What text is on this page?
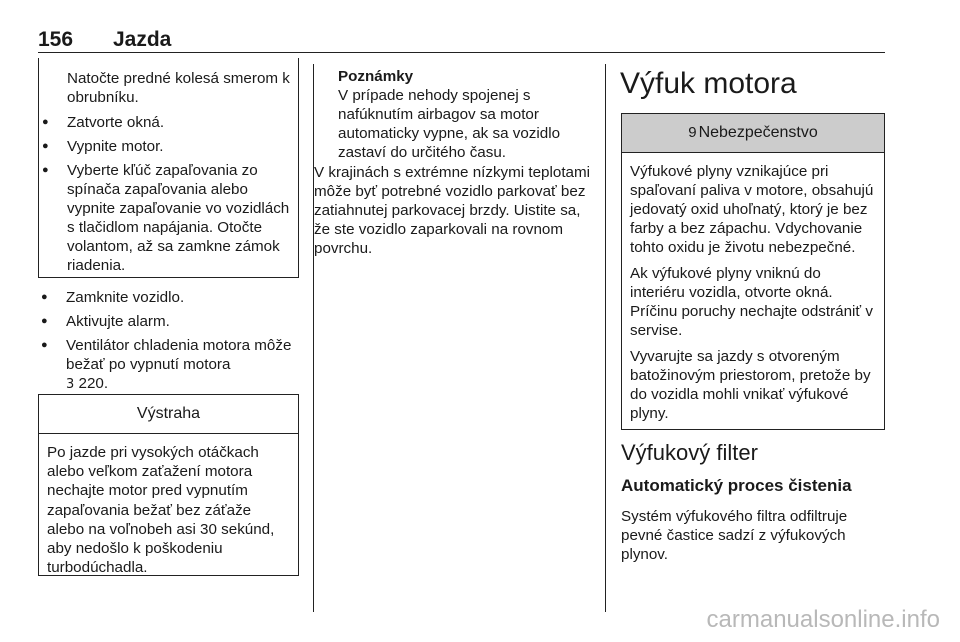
156	Jazda

Natočte predné kolesá smerom k obrubníku.

● Zatvorte okná.

● Vypnite motor.

● Vyberte kľúč zapaľovania zo spínača zapaľovania alebo vypnite zapaľovanie vo vozidlách s tlačidlom napájania. Otočte volantom, až sa zamkne zámok riadenia.

● Zamknite vozidlo.

● Aktivujte alarm.

● Ventilátor chladenia motora môže bežať po vypnutí motora

3 220.

Výstraha

Po jazde pri vysokých otáčkach alebo veľkom zaťažení motora nechajte motor pred vypnutím zapaľovania bežať bez záťaže alebo na voľnobeh asi 30 sekúnd, aby nedošlo k poškodeniu turbodúchadla.

Poznámky

V prípade nehody spojenej s nafúknutím airbagov sa motor automaticky vypne, ak sa vozidlo zastaví do určitého času.

V krajinách s extrémne nízkymi teplotami môže byť potrebné vozidlo parkovať bez zatiahnutej parkovacej brzdy. Uistite sa, že ste vozidlo zaparkovali na rovnom povrchu.

Výfuk motora
9 Nebezpečenstvo

Výfukové plyny vznikajúce pri spaľovaní paliva v motore, obsahujú jedovatý oxid uhoľnatý, ktorý je bez farby a bez zápachu. Vdychovanie tohto oxidu je životu nebezpečné.

Ak výfukové plyny vniknú do interiéru vozidla, otvorte okná. Príčinu poruchy nechajte odstrániť v servise.

Vyvarujte sa jazdy s otvoreným batožinovým priestorom, pretože by do vozidla mohli vnikať výfukové plyny.

Výfukový filter
Automatický proces čistenia

Systém výfukového filtra odfiltruje pevné častice sadzí z výfukových plynov.

carmanualsonline.info
